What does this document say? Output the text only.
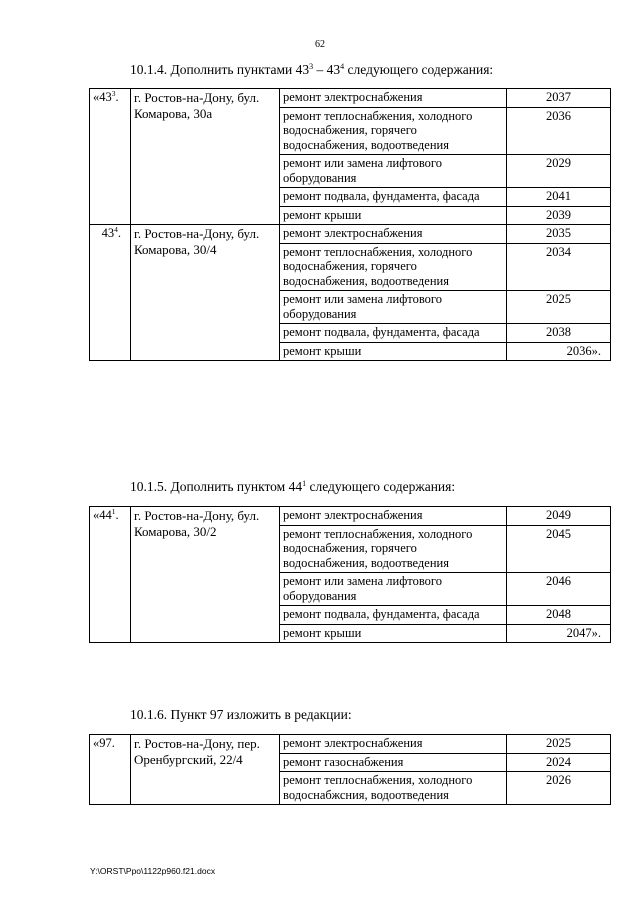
62
10.1.4. Дополнить пунктами $43^3 - 43^4$ следующего содержания:
«$43^3$.	г. Ростов-на-Дону, бул. Комарова, 30а	ремонт электроснабжения	2037
		ремонт теплоснабжения, холодного водоснабжения, горячего водоснабжения, водоотведения	2036
		ремонт или замена лифтового оборудования	2029
		ремонт подвала, фундамента, фасада	2041
		ремонт крыши	2039
$43^4$.	г. Ростов-на-Дону, бул. Комарова, 30/4	ремонт электроснабжения	2035
		ремонт теплоснабжения, холодного водоснабжения, горячего водоснабжения, водоотведения	2034
		ремонт или замена лифтового оборудования	2025
		ремонт подвала, фундамента, фасада	2038
		ремонт крыши	2036».
10.1.5. Дополнить пунктом $44^1$ следующего содержания:
«$44^1$.	г. Ростов-на-Дону, бул. Комарова, 30/2	ремонт электроснабжения	2049
		ремонт теплоснабжения, холодного водоснабжения, горячего водоснабжения, водоотведения	2045
		ремонт или замена лифтового оборудования	2046
		ремонт подвала, фундамента, фасада	2048
		ремонт крыши	2047».
10.1.6. Пункт 97 изложить в редакции:
«97.	г. Ростов-на-Дону, пер. Оренбургский, 22/4	ремонт электроснабжения	2025
		ремонт газоснабжения	2024
		ремонт теплоснабжения, холодного водоснабжсния, водоотведения	2026
Y:\ORST\Ppo\1122p960.f21.docx
